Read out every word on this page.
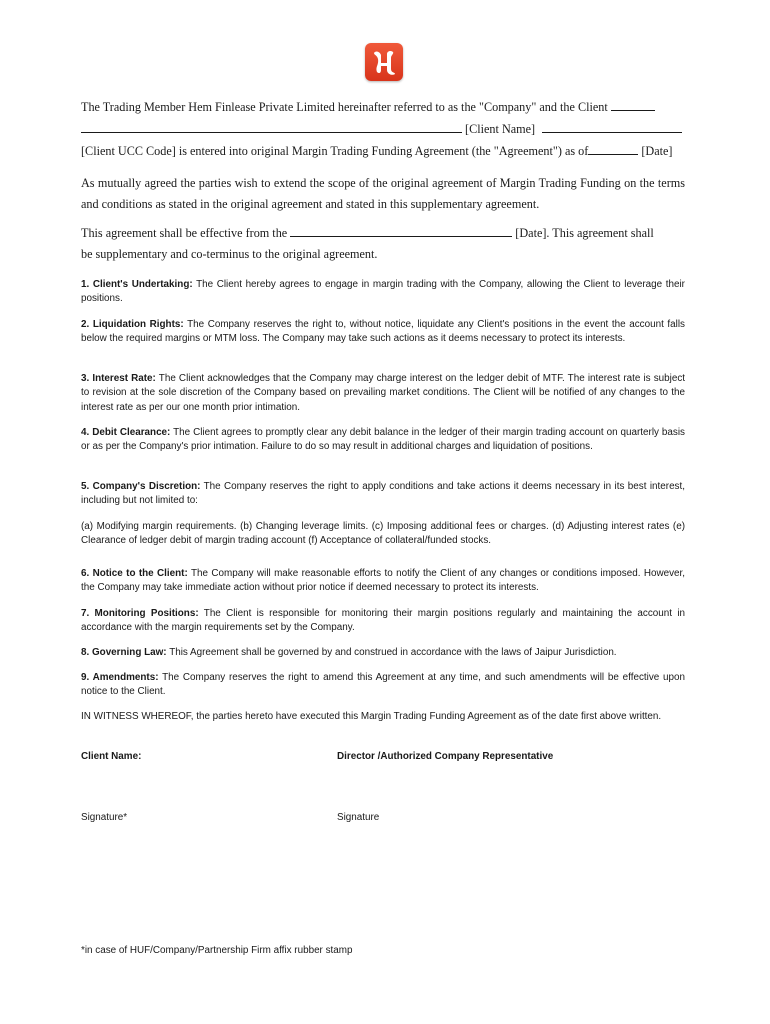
The Trading Member Hem Finlease Private Limited hereinafter referred to as the "Company" and the Client
[Client Name]
[Client UCC Code] is entered into original Margin Trading Funding Agreement (the "Agreement") as of	[Date]

As mutually agreed the parties wish to extend the scope of the original agreement of Margin Trading Funding on the terms and conditions as stated in the original agreement and stated in this supplementary agreement.

This agreement shall be effective from the	[Date]. This agreement shall
be supplementary and co-terminus to the original agreement.

1. Client's Undertaking: The Client hereby agrees to engage in margin trading with the Company, allowing the Client to leverage their positions.

2. Liquidation Rights: The Company reserves the right to, without notice, liquidate any Client's positions in the event the account falls below the required margins or MTM loss. The Company may take such actions as it deems necessary to protect its interests.

3. Interest Rate: The Client acknowledges that the Company may charge interest on the ledger debit of MTF. The interest rate is subject to revision at the sole discretion of the Company based on prevailing market conditions. The Client will be notified of any changes to the interest rate as per our one month prior intimation.

4. Debit Clearance: The Client agrees to promptly clear any debit balance in the ledger of their margin trading account on quarterly basis or as per the Company's prior intimation. Failure to do so may result in additional charges and liquidation of positions.

5. Company's Discretion: The Company reserves the right to apply conditions and take actions it deems necessary in its best interest, including but not limited to:

(a) Modifying margin requirements. (b) Changing leverage limits. (c) Imposing additional fees or charges. (d) Adjusting interest rates (e) Clearance of ledger debit of margin trading account (f) Acceptance of collateral/funded stocks.

6. Notice to the Client: The Company will make reasonable efforts to notify the Client of any changes or conditions imposed. However, the Company may take immediate action without prior notice if deemed necessary to protect its interests.

7. Monitoring Positions: The Client is responsible for monitoring their margin positions regularly and maintaining the account in accordance with the margin requirements set by the Company.

8. Governing Law: This Agreement shall be governed by and construed in accordance with the laws of Jaipur Jurisdiction.

9. Amendments: The Company reserves the right to amend this Agreement at any time, and such amendments will be effective upon notice to the Client.

IN WITNESS WHEREOF, the parties hereto have executed this Margin Trading Funding Agreement as of the date first above written.

Client Name:	Director /Authorized Company Representative
Signature*	Signature
*in case of HUF/Company/Partnership Firm affix rubber stamp
